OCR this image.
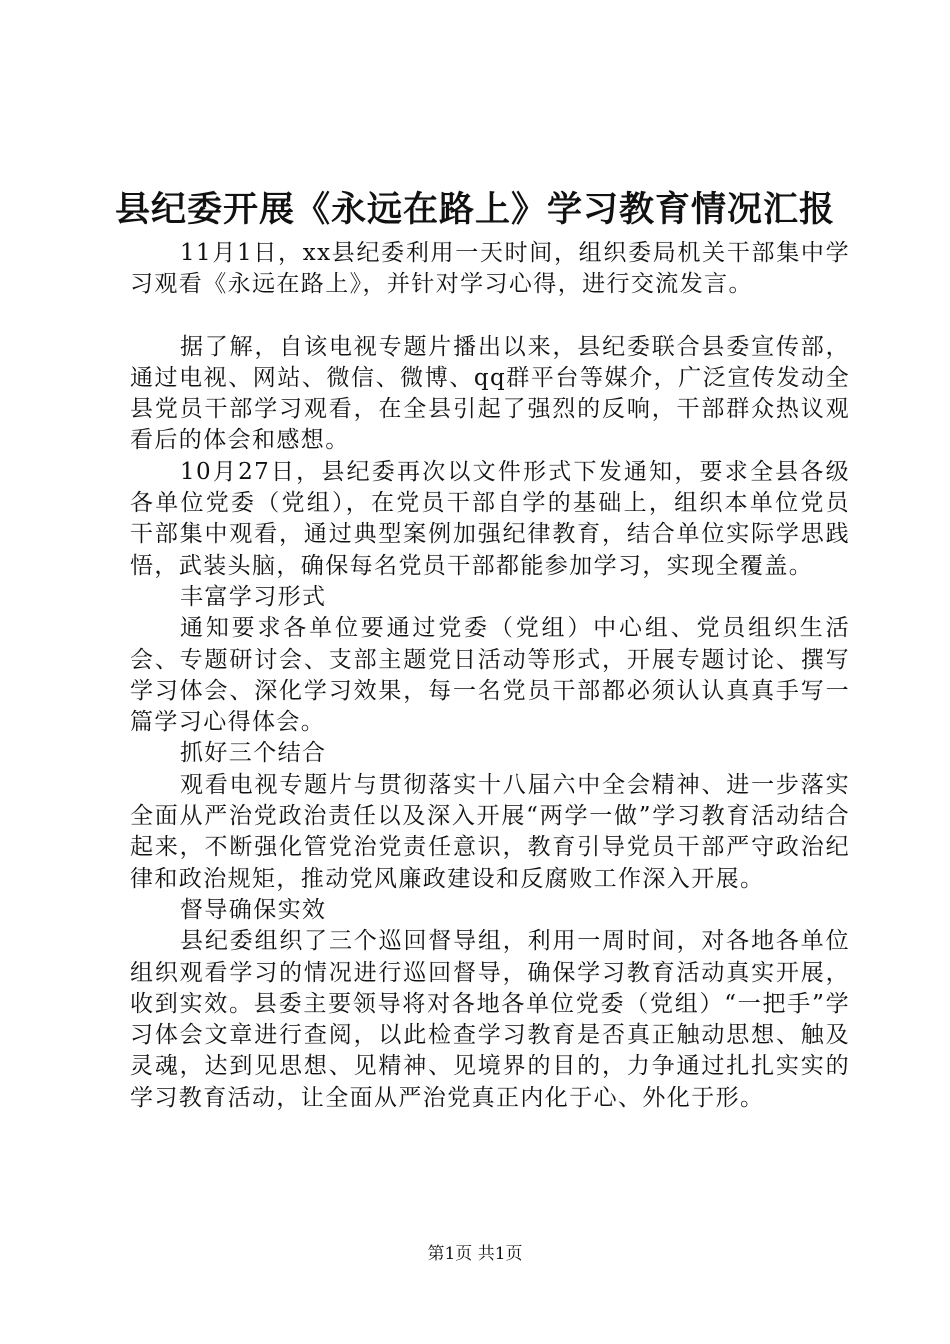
县纪委开展《永远在路上》学习教育情况汇报

11月1日，xx县纪委利用一天时间，组织委局机关干部集中学习观看《永远在路上》，并针对学习心得，进行交流发言。

据了解，自该电视专题片播出以来，县纪委联合县委宣传部，通过电视、网站、微信、微博、qq群平台等媒介，广泛宣传发动全县党员干部学习观看，在全县引起了强烈的反响，干部群众热议观看后的体会和感想。

10月27日，县纪委再次以文件形式下发通知，要求全县各级各单位党委（党组），在党员干部自学的基础上，组织本单位党员干部集中观看，通过典型案例加强纪律教育，结合单位实际学思践悟，武装头脑，确保每名党员干部都能参加学习，实现全覆盖。

丰富学习形式

通知要求各单位要通过党委（党组）中心组、党员组织生活会、专题研讨会、支部主题党日活动等形式，开展专题讨论、撰写学习体会、深化学习效果，每一名党员干部都必须认认真真手写一篇学习心得体会。

抓好三个结合

观看电视专题片与贯彻落实十八届六中全会精神、进一步落实全面从严治党政治责任以及深入开展“两学一做”学习教育活动结合起来，不断强化管党治党责任意识，教育引导党员干部严守政治纪律和政治规矩，推动党风廉政建设和反腐败工作深入开展。

督导确保实效

县纪委组织了三个巡回督导组，利用一周时间，对各地各单位组织观看学习的情况进行巡回督导，确保学习教育活动真实开展，收到实效。县委主要领导将对各地各单位党委（党组）“一把手”学习体会文章进行查阅，以此检查学习教育是否真正触动思想、触及灵魂，达到见思想、见精神、见境界的目的，力争通过扎扎实实的学习教育活动，让全面从严治党真正内化于心、外化于形。

第1页 共1页
